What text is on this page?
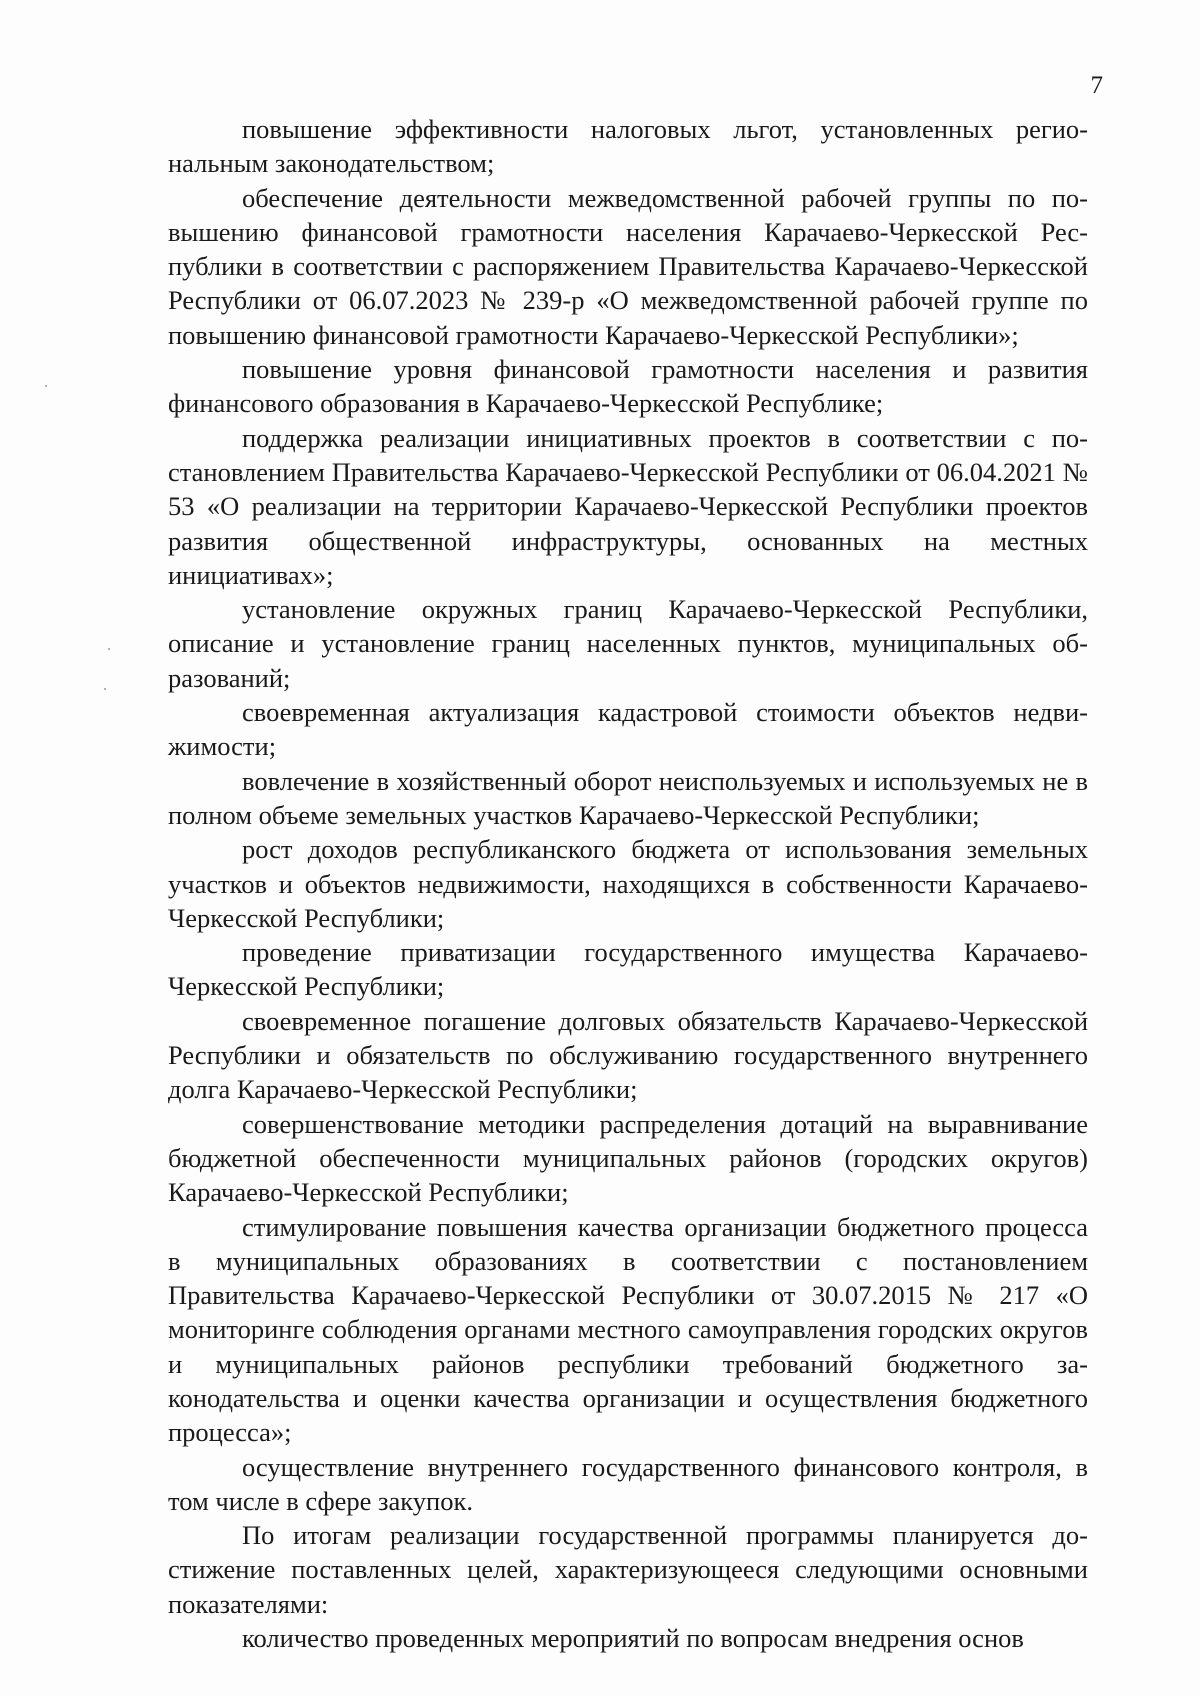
7

повышение эффективности налоговых льгот, установленных региональным законодательством;

обеспечение деятельности межведомственной рабочей группы по повышению финансовой грамотности населения Карачаево-Черкесской Республики в соответствии с распоряжением Правительства Карачаево-Черкесской Республики от 06.07.2023 № 239-р «О межведомственной рабочей группе по повышению финансовой грамотности Карачаево-Черкесской Республики»;

повышение уровня финансовой грамотности населения и развития финансового образования в Карачаево-Черкесской Республике;

поддержка реализации инициативных проектов в соответствии с постановлением Правительства Карачаево-Черкесской Республики от 06.04.2021 № 53 «О реализации на территории Карачаево-Черкесской Республики проектов развития общественной инфраструктуры, основанных на местных инициативах»;

установление окружных границ Карачаево-Черкесской Республики, описание и установление границ населенных пунктов, муниципальных образований;

своевременная актуализация кадастровой стоимости объектов недвижимости;

вовлечение в хозяйственный оборот неиспользуемых и используемых не в полном объеме земельных участков Карачаево-Черкесской Республики;

рост доходов республиканского бюджета от использования земельных участков и объектов недвижимости, находящихся в собственности Карачаево-Черкесской Республики;

проведение приватизации государственного имущества Карачаево-Черкесской Республики;

своевременное погашение долговых обязательств Карачаево-Черкесской Республики и обязательств по обслуживанию государственного внутреннего долга Карачаево-Черкесской Республики;

совершенствование методики распределения дотаций на выравнивание бюджетной обеспеченности муниципальных районов (городских округов) Карачаево-Черкесской Республики;

стимулирование повышения качества организации бюджетного процесса в муниципальных образованиях в соответствии с постановлением Правительства Карачаево-Черкесской Республики от 30.07.2015 № 217 «О мониторинге соблюдения органами местного самоуправления городских округов и муниципальных районов республики требований бюджетного законодательства и оценки качества организации и осуществления бюджетного процесса»;

осуществление внутреннего государственного финансового контроля, в том числе в сфере закупок.

По итогам реализации государственной программы планируется достижение поставленных целей, характеризующееся следующими основными показателями:

количество проведенных мероприятий по вопросам внедрения основ
